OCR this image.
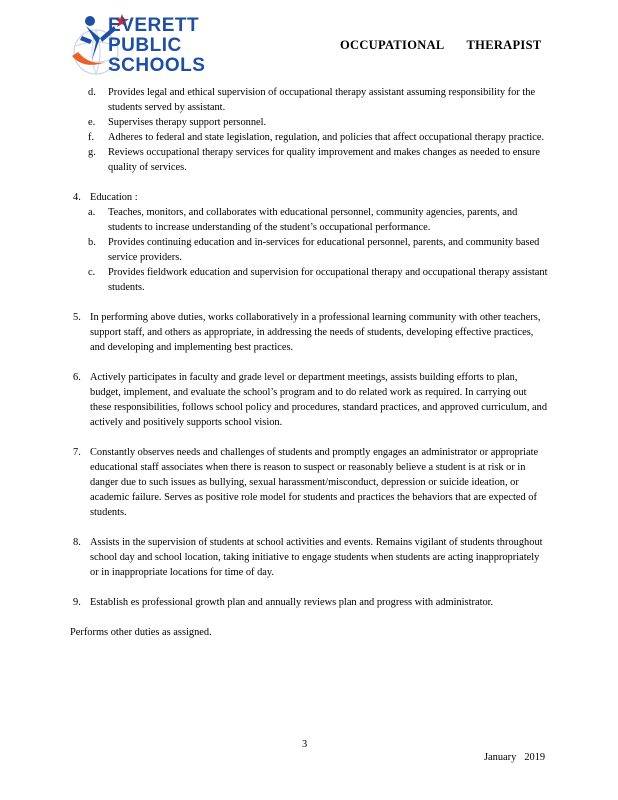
EVERETT
PUBLIC
SCHOOLS
OCCUPATIONAL THERAPIST

d. Provides legal and ethical supervision of occupational therapy assistant assuming responsibility for the students served by assistant.

e. Supervises therapy support personnel.

f. Adheres to federal and state legislation, regulation, and policies that affect occupational therapy practice.

g. Reviews occupational therapy services for quality improvement and makes changes as needed to ensure quality of services.

4. Education :

a. Teaches, monitors, and collaborates with educational personnel, community agencies, parents, and students to increase understanding of the student’s occupational performance.

b. Provides continuing education and in-services for educational personnel, parents, and community based service providers.

c. Provides fieldwork education and supervision for occupational therapy and occupational therapy assistant students.

5. In performing above duties, works collaboratively in a professional learning community with other teachers, support staff, and others as appropriate, in addressing the needs of students, developing effective practices, and developing and implementing best practices.

6. Actively participates in faculty and grade level or department meetings, assists building efforts to plan, budget, implement, and evaluate the school’s program and to do related work as required. In carrying out these responsibilities, follows school policy and procedures, standard practices, and approved curriculum, and actively and positively supports school vision.

7. Constantly observes needs and challenges of students and promptly engages an administrator or appropriate educational staff associates when there is reason to suspect or reasonably believe a student is at risk or in danger due to such issues as bullying, sexual harassment/misconduct, depression or suicide ideation, or academic failure. Serves as positive role model for students and practices the behaviors that are expected of students.

8. Assists in the supervision of students at school activities and events. Remains vigilant of students throughout school day and school location, taking initiative to engage students when students are acting inappropriately or in inappropriate locations for time of day.

9. Establish es professional growth plan and annually reviews plan and progress with administrator.

Performs other duties as assigned.

3
January 2019
